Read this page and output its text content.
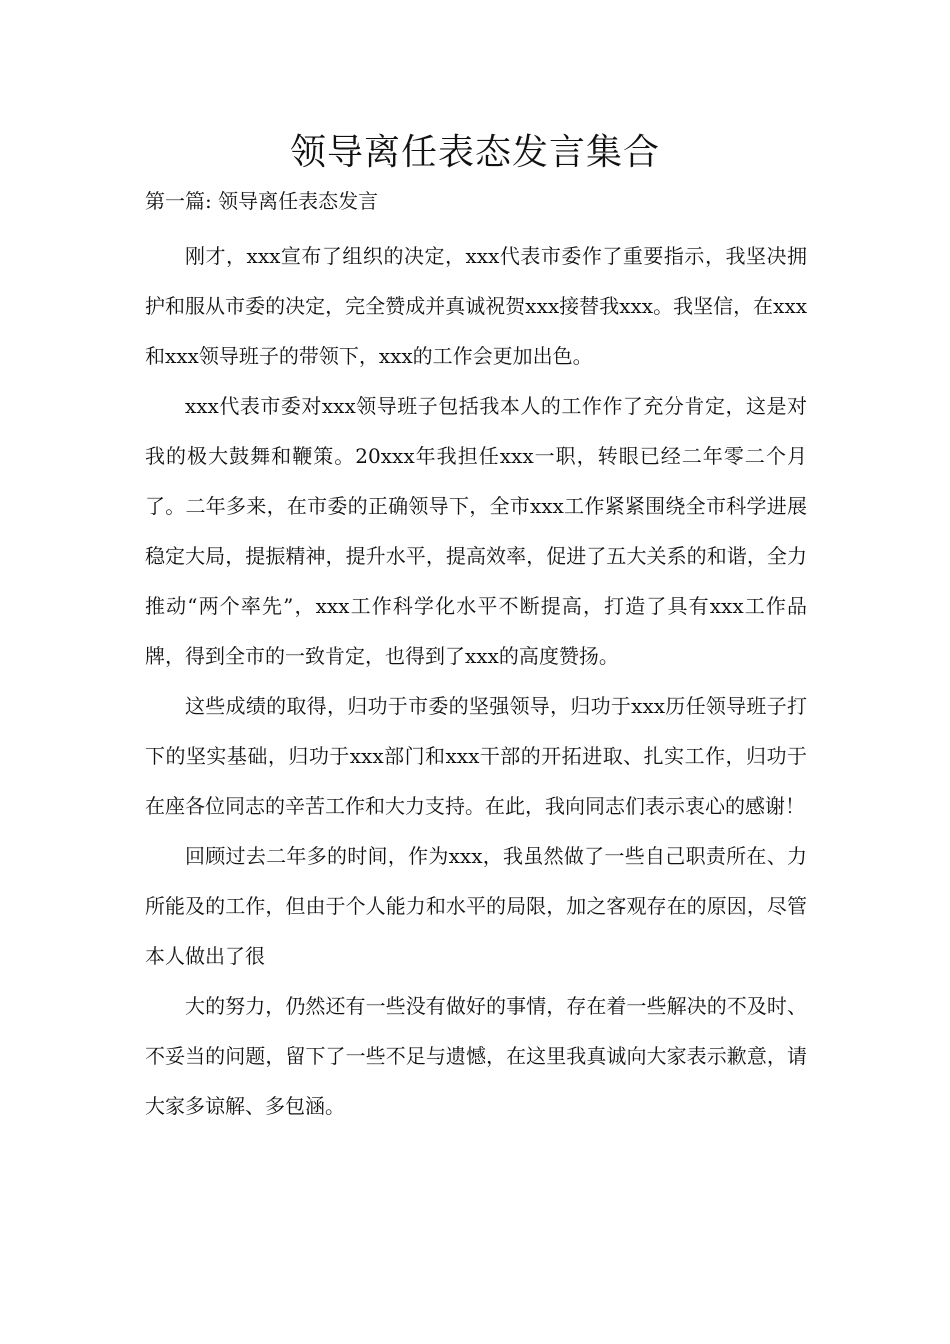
领导离任表态发言集合
第一篇: 领导离任表态发言

刚才，xxx宣布了组织的决定，xxx代表市委作了重要指示，我坚决拥护和服从市委的决定，完全赞成并真诚祝贺xxx接替我xxx。我坚信，在xxx和xxx领导班子的带领下，xxx的工作会更加出色。

xxx代表市委对xxx领导班子包括我本人的工作作了充分肯定，这是对我的极大鼓舞和鞭策。20xxx年我担任xxx一职，转眼已经二年零二个月了。二年多来，在市委的正确领导下，全市xxx工作紧紧围绕全市科学进展稳定大局，提振精神，提升水平，提高效率，促进了五大关系的和谐，全力推动“两个率先”，xxx工作科学化水平不断提高，打造了具有xxx工作品牌，得到全市的一致肯定，也得到了xxx的高度赞扬。

这些成绩的取得，归功于市委的坚强领导，归功于xxx历任领导班子打下的坚实基础，归功于xxx部门和xxx干部的开拓进取、扎实工作，归功于在座各位同志的辛苦工作和大力支持。在此，我向同志们表示衷心的感谢！

回顾过去二年多的时间，作为xxx，我虽然做了一些自己职责所在、力所能及的工作，但由于个人能力和水平的局限，加之客观存在的原因，尽管本人做出了很

大的努力，仍然还有一些没有做好的事情，存在着一些解决的不及时、不妥当的问题，留下了一些不足与遗憾，在这里我真诚向大家表示歉意，请大家多谅解、多包涵。
